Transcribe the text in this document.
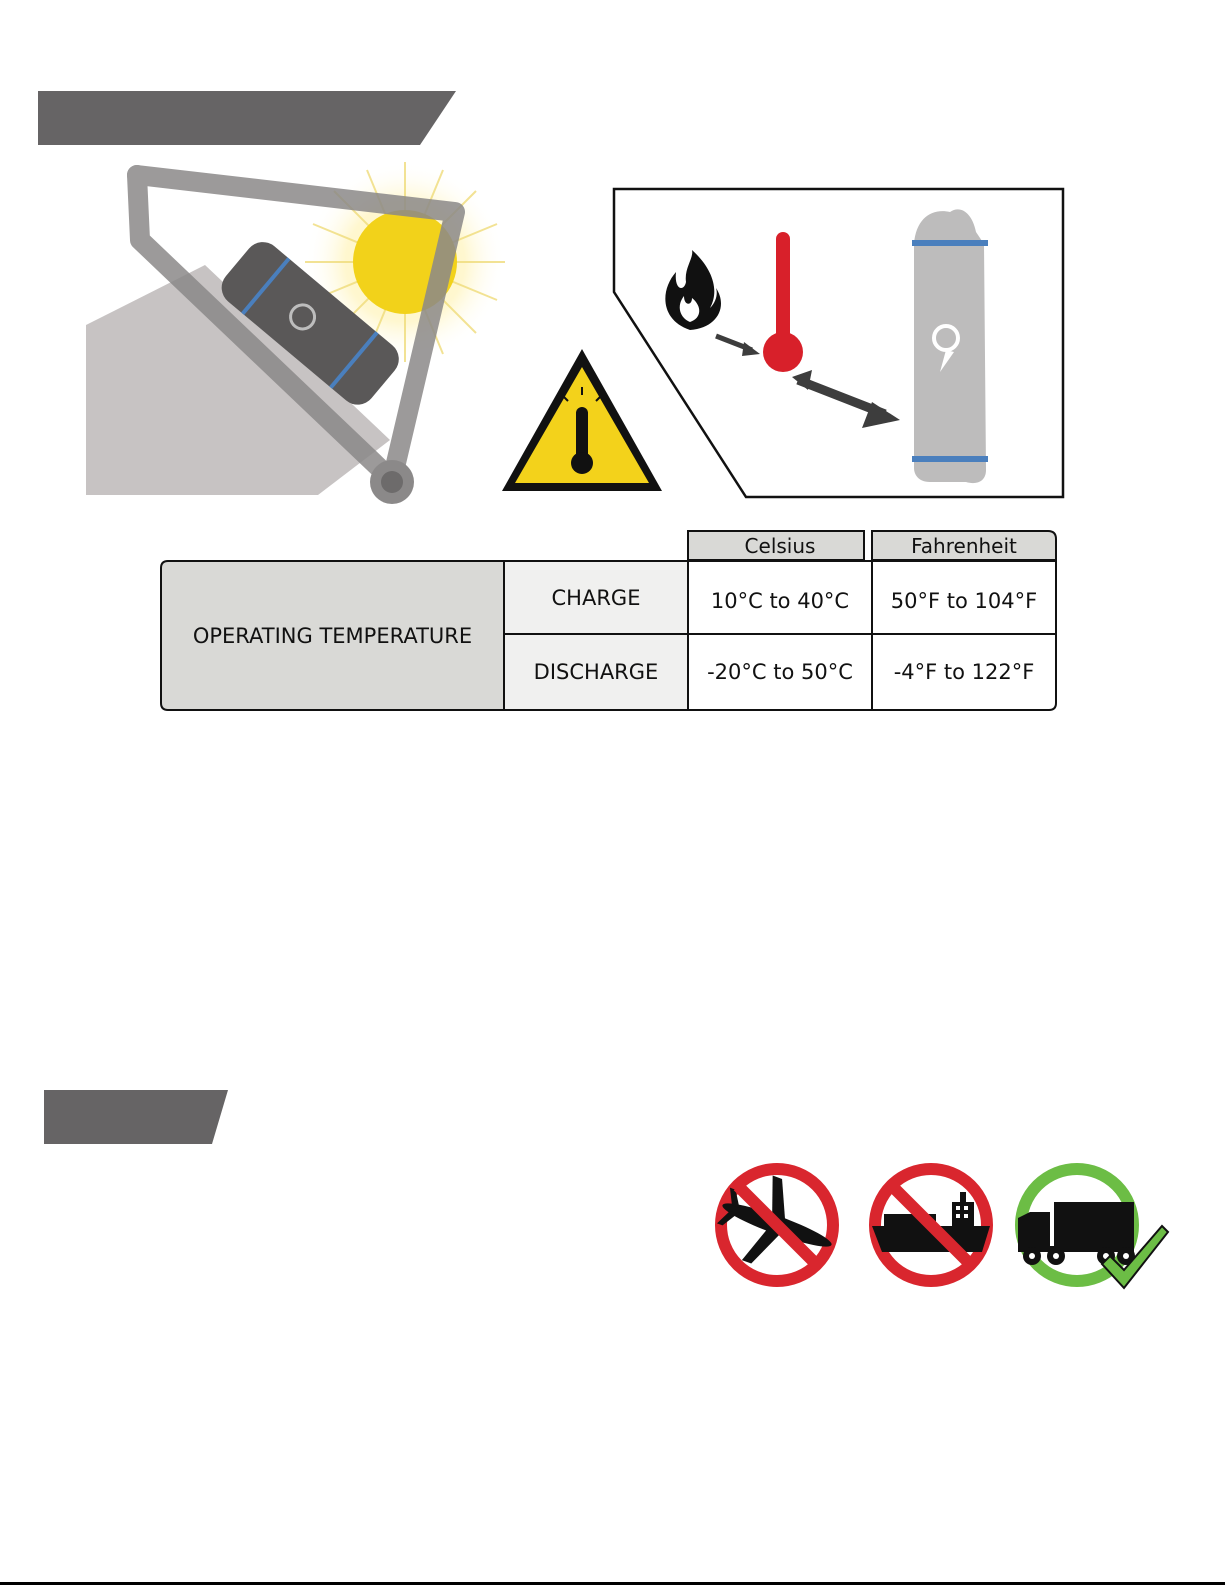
Celsius	Fahrenheit
OPERATING TEMPERATURE
CHARGE	10°C to 40°C	50°F to 104°F
DISCHARGE	-20°C to 50°C	-4°F to 122°F
